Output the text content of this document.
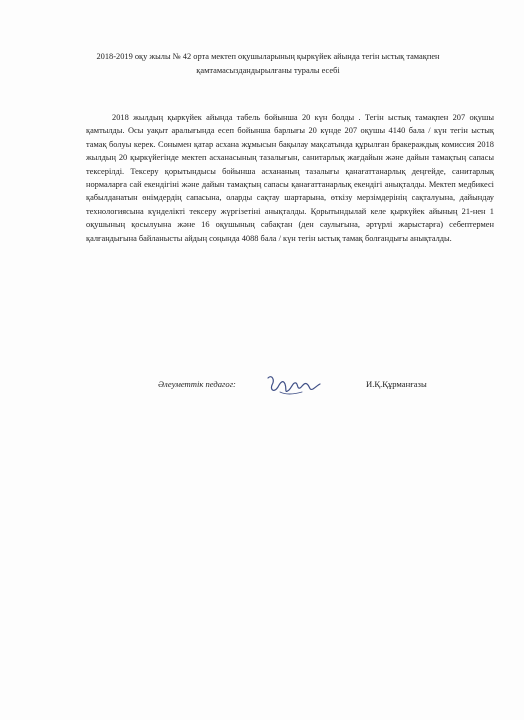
2018-2019 оқу жылы № 42 орта мектеп оқушыларының қыркүйек айында тегін ыстық тамақпен қамтамасыздандырылғаны туралы есебі

2018 жылдың қыркүйек айында табель бойынша 20 күн болды . Тегін ыстық тамақпен 207 оқушы қамтылды. Осы уақыт аралығында есеп бойынша барлығы 20 күнде 207 оқушы 4140 бала / күн тегін ыстық тамақ болуы керек. Сонымен қатар асхана жұмысын бақылау мақсатында құрылған бракераждық комиссия 2018 жылдың 20 қыркүйегінде мектеп асханасының тазалығын, санитарлық жағдайын және дайын тамақтың сапасы тексерілді. Тексеру қорытындысы бойынша асхананың тазалығы қанағаттанарлық деңгейде, санитарлық нормаларға сай екендігіні және дайын тамақтың сапасы қанағаттанарлық екендігі анықталды. Мектеп медбикесі қабылданатын өнімдердің сапасына, оларды сақтау шартарына, өткізу мерзімдерінің сақталуына, дайындау технологиясына күнделікті тексеру жүргізетіні анықталды. Қорытындылай келе қыркүйек айының 21-нен 1 оқушының қосылуына және 16 оқушының сабақтан (ден саулығына, әртүрлі жарыстарға) себептермен қалғандығына байланысты айдың соңында 4088 бала / күн тегін ыстық тамақ болғандығы анықталды.

Әлеуметтік педагог:	И.Қ.Құрманғазы
